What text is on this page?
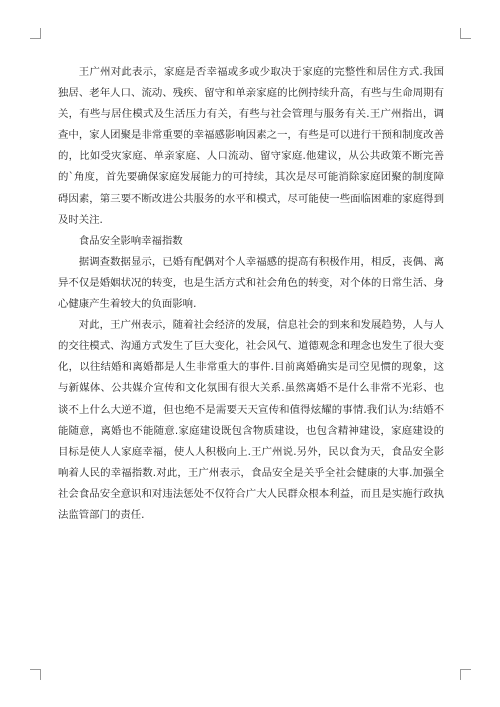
王广州对此表示，家庭是否幸福或多或少取决于家庭的完整性和居住方式.我国独居、老年人口、流动、残疾、留守和单亲家庭的比例持续升高，有些与生命周期有关，有些与居住模式及生活压力有关，有些与社会管理与服务有关.王广州指出，调查中，家人团聚是非常重要的幸福感影响因素之一，有些是可以进行干预和制度改善的，比如受灾家庭、单亲家庭、人口流动、留守家庭.他建议，从公共政策不断完善的`角度，首先要确保家庭发展能力的可持续，其次是尽可能消除家庭团聚的制度障碍因素，第三要不断改进公共服务的水平和模式，尽可能使一些面临困难的家庭得到及时关注.

食品安全影响幸福指数

据调查数据显示，已婚有配偶对个人幸福感的提高有积极作用，相反，丧偶、离异不仅是婚姻状况的转变，也是生活方式和社会角色的转变，对个体的日常生活、身心健康产生着较大的负面影响.

对此，王广州表示，随着社会经济的发展，信息社会的到来和发展趋势，人与人的交往模式、沟通方式发生了巨大变化，社会风气、道德观念和理念也发生了很大变化，以往结婚和离婚都是人生非常重大的事件.目前离婚确实是司空见惯的现象，这与新媒体、公共媒介宣传和文化氛围有很大关系.虽然离婚不是什么非常不光彩、也谈不上什么大逆不道，但也绝不是需要天天宣传和值得炫耀的事情.我们认为:结婚不能随意，离婚也不能随意.家庭建设既包含物质建设，也包含精神建设，家庭建设的目标是使人人家庭幸福，使人人积极向上.王广州说.另外，民以食为天，食品安全影响着人民的幸福指数.对此，王广州表示，食品安全是关乎全社会健康的大事.加强全社会食品安全意识和对违法惩处不仅符合广大人民群众根本利益，而且是实施行政执法监管部门的责任.
